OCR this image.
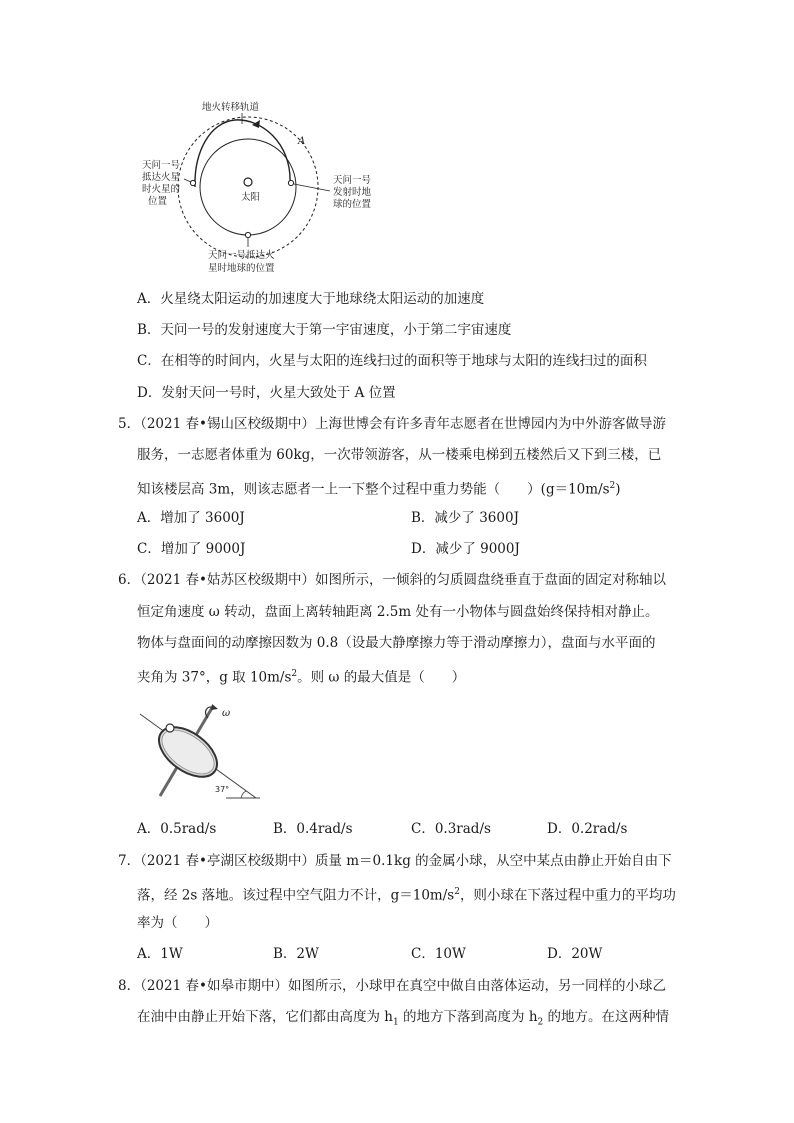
太阳
A
地火转移轨道
天问一号
抵达火星
时火星的
位置
天问一号
发射时地
球的位置
天问一号抵达火
星时地球的位置
A．火星绕太阳运动的加速度大于地球绕太阳运动的加速度
B．天问一号的发射速度大于第一宇宙速度，小于第二宇宙速度
C．在相等的时间内，火星与太阳的连线扫过的面积等于地球与太阳的连线扫过的面积
D．发射天问一号时，火星大致处于 A 位置
5．（2021 春•锡山区校级期中）上海世博会有许多青年志愿者在世博园内为中外游客做导游
服务，一志愿者体重为 60kg，一次带领游客，从一楼乘电梯到五楼然后又下到三楼，已
知该楼层高 3m，则该志愿者一上一下整个过程中重力势能（　　）$(g=10m/s^2)$
A．增加了 3600J	B．减少了 3600J
C．增加了 9000J	D．减少了 9000J
6．（2021 春•姑苏区校级期中）如图所示，一倾斜的匀质圆盘绕垂直于盘面的固定对称轴以
恒定角速度 ω 转动，盘面上离转轴距离 2.5m 处有一小物体与圆盘始终保持相对静止。
物体与盘面间的动摩擦因数为 0.8（设最大静摩擦力等于滑动摩擦力），盘面与水平面的
夹角为 37°，g 取 $10m/s^2$。则 ω 的最大值是（　　）
ω
37°
A．0.5rad/s	B．0.4rad/s	C．0.3rad/s	D．0.2rad/s
7．（2021 春•亭湖区校级期中）质量 m＝0.1kg 的金属小球，从空中某点由静止开始自由下
落，经 2s 落地。该过程中空气阻力不计，$g=10m/s^2$，则小球在下落过程中重力的平均功
率为（　　）
A．1W	B．2W	C．10W	D．20W
8．（2021 春•如皋市期中）如图所示，小球甲在真空中做自由落体运动，另一同样的小球乙
在油中由静止开始下落，它们都由高度为 $h_1$ 的地方下落到高度为 $h_2$ 的地方。在这两种情
